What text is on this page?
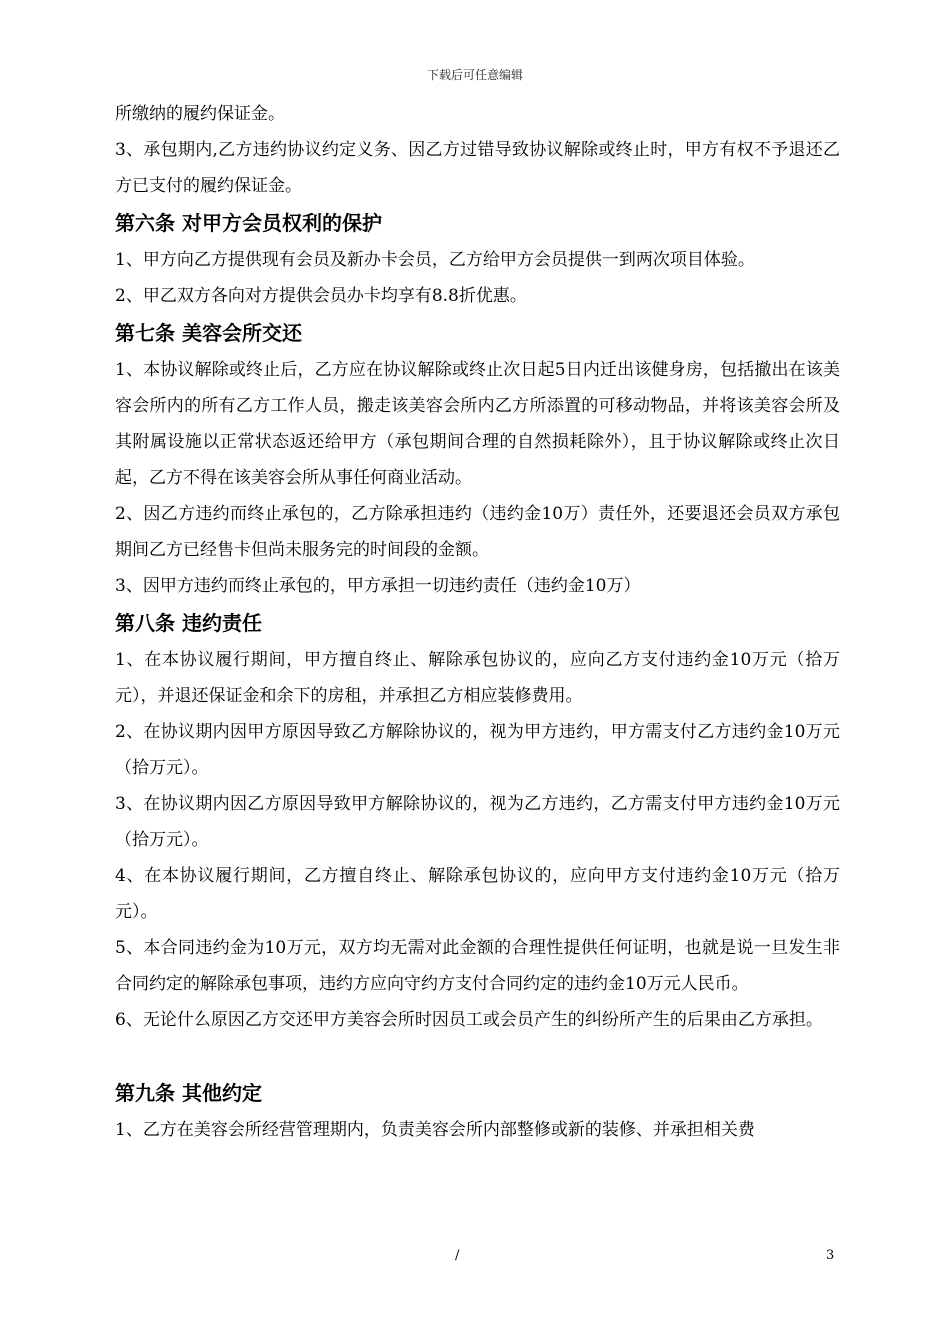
下载后可任意编辑

所缴纳的履约保证金。

3、承包期内,乙方违约协议约定义务、因乙方过错导致协议解除或终止时，甲方有权不予退还乙方已支付的履约保证金。

第六条 对甲方会员权利的保护

1、甲方向乙方提供现有会员及新办卡会员，乙方给甲方会员提供一到两次项目体验。

2、甲乙双方各向对方提供会员办卡均享有8.8折优惠。

第七条 美容会所交还

1、本协议解除或终止后，乙方应在协议解除或终止次日起5日内迁出该健身房，包括撤出在该美容会所内的所有乙方工作人员，搬走该美容会所内乙方所添置的可移动物品，并将该美容会所及其附属设施以正常状态返还给甲方（承包期间合理的自然损耗除外），且于协议解除或终止次日起，乙方不得在该美容会所从事任何商业活动。

2、因乙方违约而终止承包的，乙方除承担违约（违约金10万）责任外，还要退还会员双方承包期间乙方已经售卡但尚未服务完的时间段的金额。

3、因甲方违约而终止承包的，甲方承担一切违约责任（违约金10万）

第八条 违约责任

1、在本协议履行期间，甲方擅自终止、解除承包协议的，应向乙方支付违约金10万元（拾万元），并退还保证金和余下的房租，并承担乙方相应装修费用。

2、在协议期内因甲方原因导致乙方解除协议的，视为甲方违约，甲方需支付乙方违约金10万元（拾万元）。

3、在协议期内因乙方原因导致甲方解除协议的，视为乙方违约，乙方需支付甲方违约金10万元（拾万元）。

4、在本协议履行期间，乙方擅自终止、解除承包协议的，应向甲方支付违约金10万元（拾万元）。

5、本合同违约金为10万元，双方均无需对此金额的合理性提供任何证明，也就是说一旦发生非合同约定的解除承包事项，违约方应向守约方支付合同约定的违约金10万元人民币。

6、无论什么原因乙方交还甲方美容会所时因员工或会员产生的纠纷所产生的后果由乙方承担。

第九条 其他约定

1、乙方在美容会所经营管理期内，负责美容会所内部整修或新的装修、并承担相关费

/	3
